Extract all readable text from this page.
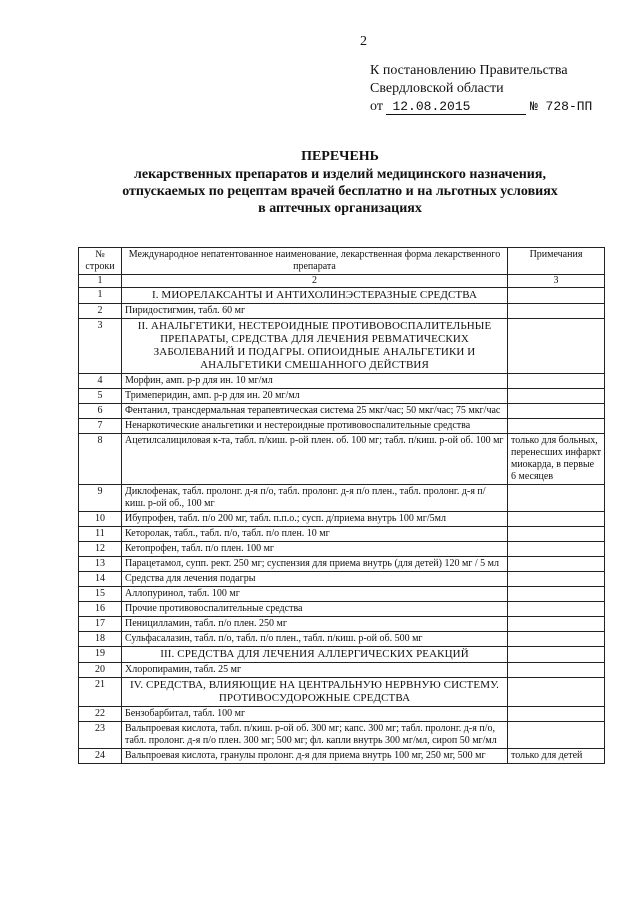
2
К постановлению Правительства
Свердловской области
от 12.08.2015	№ 728-ПП
ПЕРЕЧЕНЬ
лекарственных препаратов и изделий медицинского назначения,
отпускаемых по рецептам врачей бесплатно и на льготных условиях
в аптечных организациях
№ строки	Международное непатентованное наименование, лекарственная форма лекарственного препарата	Примечания
1	2	3
1	I. МИОРЕЛАКСАНТЫ И АНТИХОЛИНЭСТЕРАЗНЫЕ СРЕДСТВА	
2	Пиридостигмин, табл. 60 мг	
3	II. АНАЛЬГЕТИКИ, НЕСТЕРОИДНЫЕ ПРОТИВОВОСПАЛИТЕЛЬНЫЕ ПРЕПАРАТЫ, СРЕДСТВА ДЛЯ ЛЕЧЕНИЯ РЕВМАТИЧЕСКИХ ЗАБОЛЕВАНИЙ И ПОДАГРЫ. ОПИОИДНЫЕ АНАЛЬГЕТИКИ И АНАЛЬГЕТИКИ СМЕШАННОГО ДЕЙСТВИЯ	
4	Морфин, амп. р-р для ин. 10 мг/мл	
5	Тримеперидин, амп. р-р для ин. 20 мг/мл	
6	Фентанил, трансдермальная терапевтическая система 25 мкг/час; 50 мкг/час; 75 мкг/час	
7	Ненаркотические анальгетики и нестероидные противовоспалительные средства	
8	Ацетилсалициловая к-та, табл. п/киш. р-ой плен. об. 100 мг; табл. п/киш. р-ой об. 100 мг	только для больных, перенесших инфаркт миокарда, в первые 6 месяцев
9	Диклофенак, табл. пролонг. д-я п/о, табл. пролонг. д-я п/о плен., табл. пролонг. д-я п/киш. р-ой об., 100 мг	
10	Ибупрофен, табл. п/о 200 мг, табл. п.п.о.; сусп. д/приема внутрь 100 мг/5мл	
11	Кеторолак, табл., табл. п/о, табл. п/о плен. 10 мг	
12	Кетопрофен, табл. п/о плен. 100 мг	
13	Парацетамол, супп. рект. 250 мг; суспензия для приема внутрь (для детей) 120 мг / 5 мл	
14	Средства для лечения подагры	
15	Аллопуринол, табл. 100 мг	
16	Прочие противовоспалительные средства	
17	Пеницилламин, табл. п/о плен. 250 мг	
18	Сульфасалазин, табл. п/о, табл. п/о плен., табл. п/киш. р-ой об. 500 мг	
19	III. СРЕДСТВА ДЛЯ ЛЕЧЕНИЯ АЛЛЕРГИЧЕСКИХ РЕАКЦИЙ	
20	Хлоропирамин, табл. 25 мг	
21	IV. СРЕДСТВА, ВЛИЯЮЩИЕ НА ЦЕНТРАЛЬНУЮ НЕРВНУЮ СИСТЕМУ. ПРОТИВОСУДОРОЖНЫЕ СРЕДСТВА	
22	Бензобарбитал, табл. 100 мг	
23	Вальпроевая кислота, табл. п/киш. р-ой об. 300 мг; капс. 300 мг; табл. пролонг. д-я п/о, табл. пролонг. д-я п/о плен. 300 мг; 500 мг; фл. капли внутрь 300 мг/мл, сироп 50 мг/мл	
24	Вальпроевая кислота, гранулы пролонг. д-я для приема внутрь 100 мг, 250 мг, 500 мг	только для детей
